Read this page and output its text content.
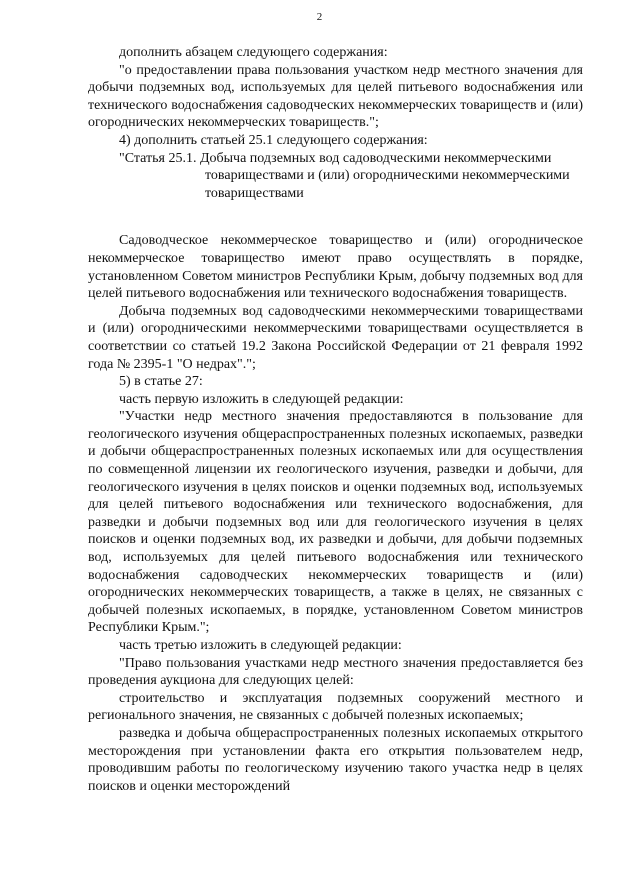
2

дополнить абзацем следующего содержания:

"о предоставлении права пользования участком недр местного значения для добычи подземных вод, используемых для целей питьевого водоснабжения или технического водоснабжения садоводческих некоммерческих товариществ и (или) огороднических некоммерческих товариществ.";

4) дополнить статьей 25.1 следующего содержания:

"Статья 25.1. Добыча подземных вод садоводческими некоммерческими товариществами и (или) огородническими некоммерческими товариществами

Садоводческое некоммерческое товарищество и (или) огородническое некоммерческое товарищество имеют право осуществлять в порядке, установленном Советом министров Республики Крым, добычу подземных вод для целей питьевого водоснабжения или технического водоснабжения товариществ.

Добыча подземных вод садоводческими некоммерческими товариществами и (или) огородническими некоммерческими товариществами осуществляется в соответствии со статьей 19.2 Закона Российской Федерации от 21 февраля 1992 года № 2395-1 "О недрах".";

5) в статье 27:

часть первую изложить в следующей редакции:

"Участки недр местного значения предоставляются в пользование для геологического изучения общераспространенных полезных ископаемых, разведки и добычи общераспространенных полезных ископаемых или для осуществления по совмещенной лицензии их геологического изучения, разведки и добычи, для геологического изучения в целях поисков и оценки подземных вод, используемых для целей питьевого водоснабжения или технического водоснабжения, для разведки и добычи подземных вод или для геологического изучения в целях поисков и оценки подземных вод, их разведки и добычи, для добычи подземных вод, используемых для целей питьевого водоснабжения или технического водоснабжения садоводческих некоммерческих товариществ и (или) огороднических некоммерческих товариществ, а также в целях, не связанных с добычей полезных ископаемых, в порядке, установленном Советом министров Республики Крым.";

часть третью изложить в следующей редакции:

"Право пользования участками недр местного значения предоставляется без проведения аукциона для следующих целей:

строительство и эксплуатация подземных сооружений местного и регионального значения, не связанных с добычей полезных ископаемых;

разведка и добыча общераспространенных полезных ископаемых открытого месторождения при установлении факта его открытия пользователем недр, проводившим работы по геологическому изучению такого участка недр в целях поисков и оценки месторождений
